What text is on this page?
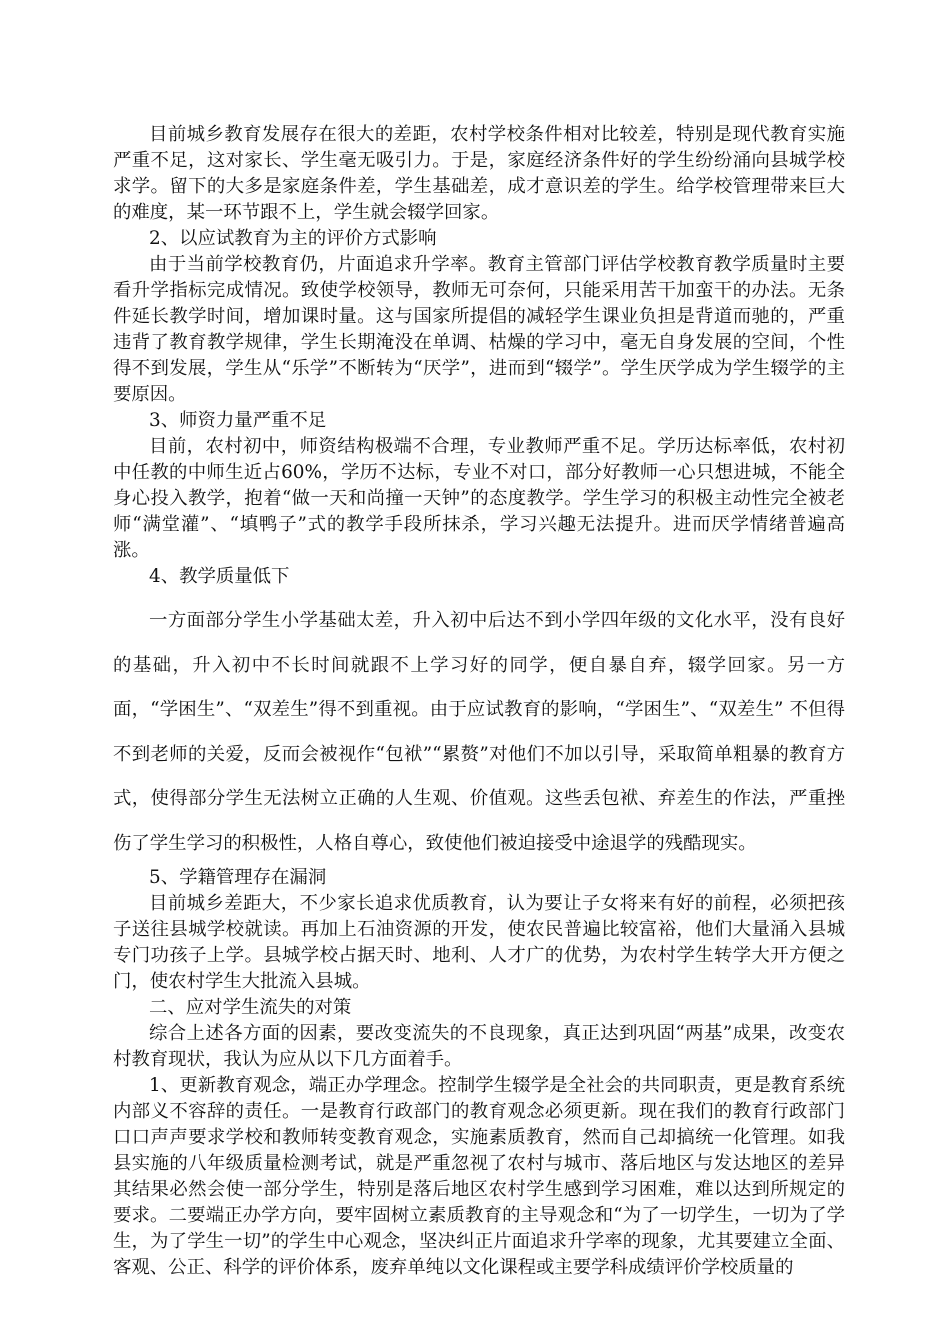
目前城乡教育发展存在很大的差距，农村学校条件相对比较差，特别是现代教育实施严重不足，这对家长、学生毫无吸引力。于是，家庭经济条件好的学生纷纷涌向县城学校求学。留下的大多是家庭条件差，学生基础差，成才意识差的学生。给学校管理带来巨大的难度，某一环节跟不上，学生就会辍学回家。

2、以应试教育为主的评价方式影响

由于当前学校教育仍，片面追求升学率。教育主管部门评估学校教育教学质量时主要看升学指标完成情况。致使学校领导，教师无可奈何，只能采用苦干加蛮干的办法。无条件延长教学时间，增加课时量。这与国家所提倡的减轻学生课业负担是背道而驰的，严重违背了教育教学规律，学生长期淹没在单调、枯燥的学习中，毫无自身发展的空间，个性得不到发展，学生从“乐学”不断转为“厌学”，进而到“辍学”。学生厌学成为学生辍学的主要原因。

3、师资力量严重不足

目前，农村初中，师资结构极端不合理，专业教师严重不足。学历达标率低，农村初中任教的中师生近占60%，学历不达标，专业不对口，部分好教师一心只想进城，不能全身心投入教学，抱着“做一天和尚撞一天钟”的态度教学。学生学习的积极主动性完全被老师“满堂灌”、“填鸭子”式的教学手段所抹杀，学习兴趣无法提升。进而厌学情绪普遍高涨。

4、教学质量低下

一方面部分学生小学基础太差，升入初中后达不到小学四年级的文化水平，没有良好的基础，升入初中不长时间就跟不上学习好的同学，便自暴自弃，辍学回家。另一方面，“学困生”、“双差生”得不到重视。由于应试教育的影响，“学困生”、“双差生” 不但得不到老师的关爱，反而会被视作“包袱”“累赘”对他们不加以引导，采取简单粗暴的教育方式，使得部分学生无法树立正确的人生观、价值观。这些丢包袱、弃差生的作法，严重挫伤了学生学习的积极性，人格自尊心，致使他们被迫接受中途退学的残酷现实。

5、学籍管理存在漏洞

目前城乡差距大，不少家长追求优质教育，认为要让子女将来有好的前程，必须把孩子送往县城学校就读。再加上石油资源的开发，使农民普遍比较富裕，他们大量涌入县城专门功孩子上学。县城学校占据天时、地利、人才广的优势，为农村学生转学大开方便之门，使农村学生大批流入县城。

二、应对学生流失的对策

综合上述各方面的因素，要改变流失的不良现象，真正达到巩固“两基”成果，改变农村教育现状，我认为应从以下几方面着手。

1、更新教育观念，端正办学理念。控制学生辍学是全社会的共同职责，更是教育系统内部义不容辞的责任。一是教育行政部门的教育观念必须更新。现在我们的教育行政部门口口声声要求学校和教师转变教育观念，实施素质教育，然而自己却搞统一化管理。如我县实施的八年级质量检测考试，就是严重忽视了农村与城市、落后地区与发达地区的差异其结果必然会使一部分学生，特别是落后地区农村学生感到学习困难，难以达到所规定的要求。二要端正办学方向，要牢固树立素质教育的主导观念和“为了一切学生，一切为了学生，为了学生一切”的学生中心观念，坚决纠正片面追求升学率的现象，尤其要建立全面、客观、公正、科学的评价体系，废弃单纯以文化课程或主要学科成绩评价学校质量的
